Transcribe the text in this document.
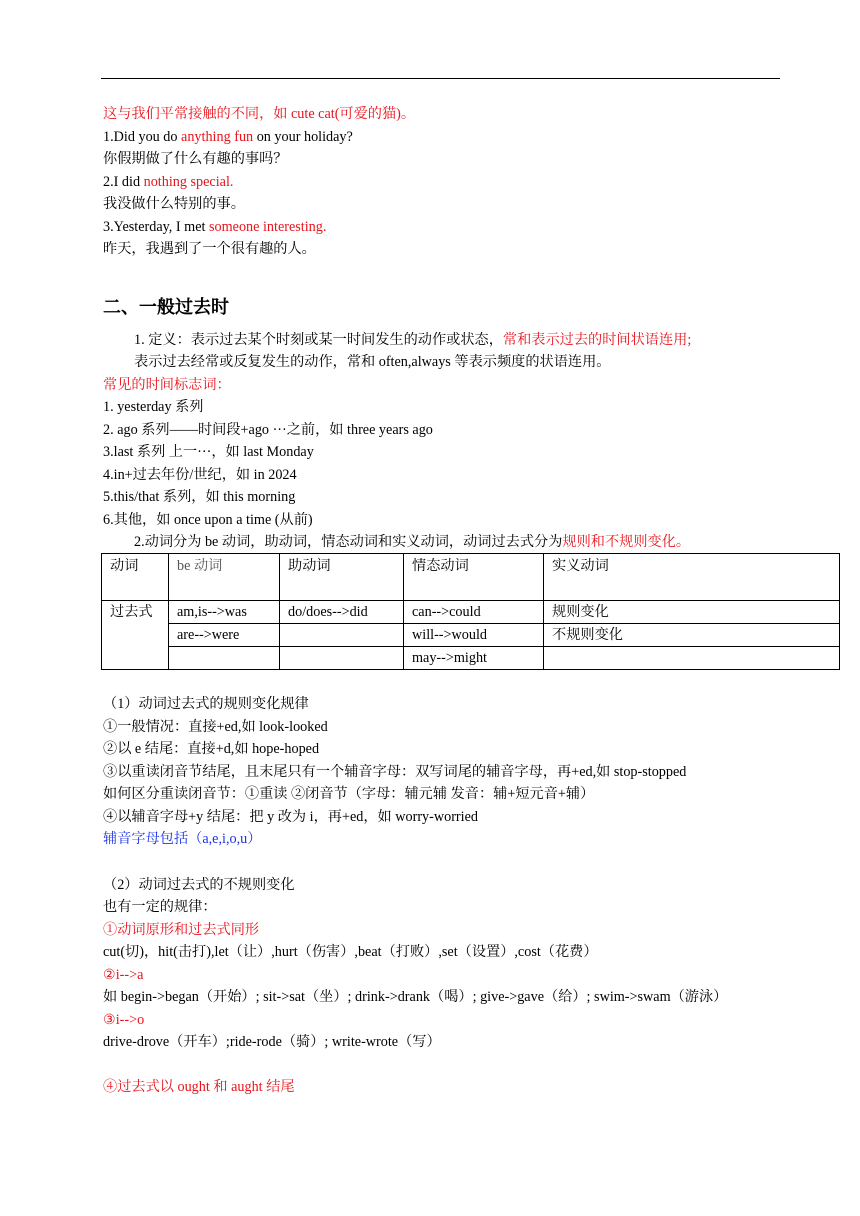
这与我们平常接触的不同，如 cute cat(可爱的猫)。
1.Did you do anything fun on your holiday?
你假期做了什么有趣的事吗？
2.I did nothing special.
我没做什么特别的事。
3.Yesterday, I met someone interesting.
昨天，我遇到了一个很有趣的人。
二、一般过去时
1. 定义：表示过去某个时刻或某一时间发生的动作或状态，常和表示过去的时间状语连用;
表示过去经常或反复发生的动作，常和 often,always 等表示频度的状语连用。
常见的时间标志词：
1. yesterday 系列
2. ago 系列——时间段+ago ···之前，如 three years ago
3.last 系列 上一···，如 last Monday
4.in+过去年份/世纪，如 in 2024
5.this/that 系列，如 this morning
6.其他，如 once upon a time (从前)
2.动词分为 be 动词，助动词，情态动词和实义动词，动词过去式分为规则和不规则变化。
动词	be 动词	助动词	情态动词	实义动词
过去式	am,is-->was	do/does-->did	can-->could	规则变化
	are-->were		will-->would	不规则变化
			may-->might	
（1）动词过去式的规则变化规律
①一般情况：直接+ed,如 look-looked
②以 e 结尾：直接+d,如 hope-hoped
③以重读闭音节结尾，且末尾只有一个辅音字母：双写词尾的辅音字母，再+ed,如 stop-stopped
如何区分重读闭音节：①重读 ②闭音节（字母：辅元辅 发音：辅+短元音+辅）
④以辅音字母+y 结尾：把 y 改为 i，再+ed，如 worry-worried
辅音字母包括（a,e,i,o,u）
（2）动词过去式的不规则变化
也有一定的规律：
①动词原形和过去式同形
cut(切)，hit(击打),let（让）,hurt（伤害）,beat（打败）,set（设置）,cost（花费）
②i-->a
如 begin->began（开始）; sit->sat（坐）; drink->drank（喝）; give->gave（给）; swim->swam（游泳）
③i-->o
drive-drove（开车）;ride-rode（骑）; write-wrote（写）
④过去式以 ought 和 aught 结尾
